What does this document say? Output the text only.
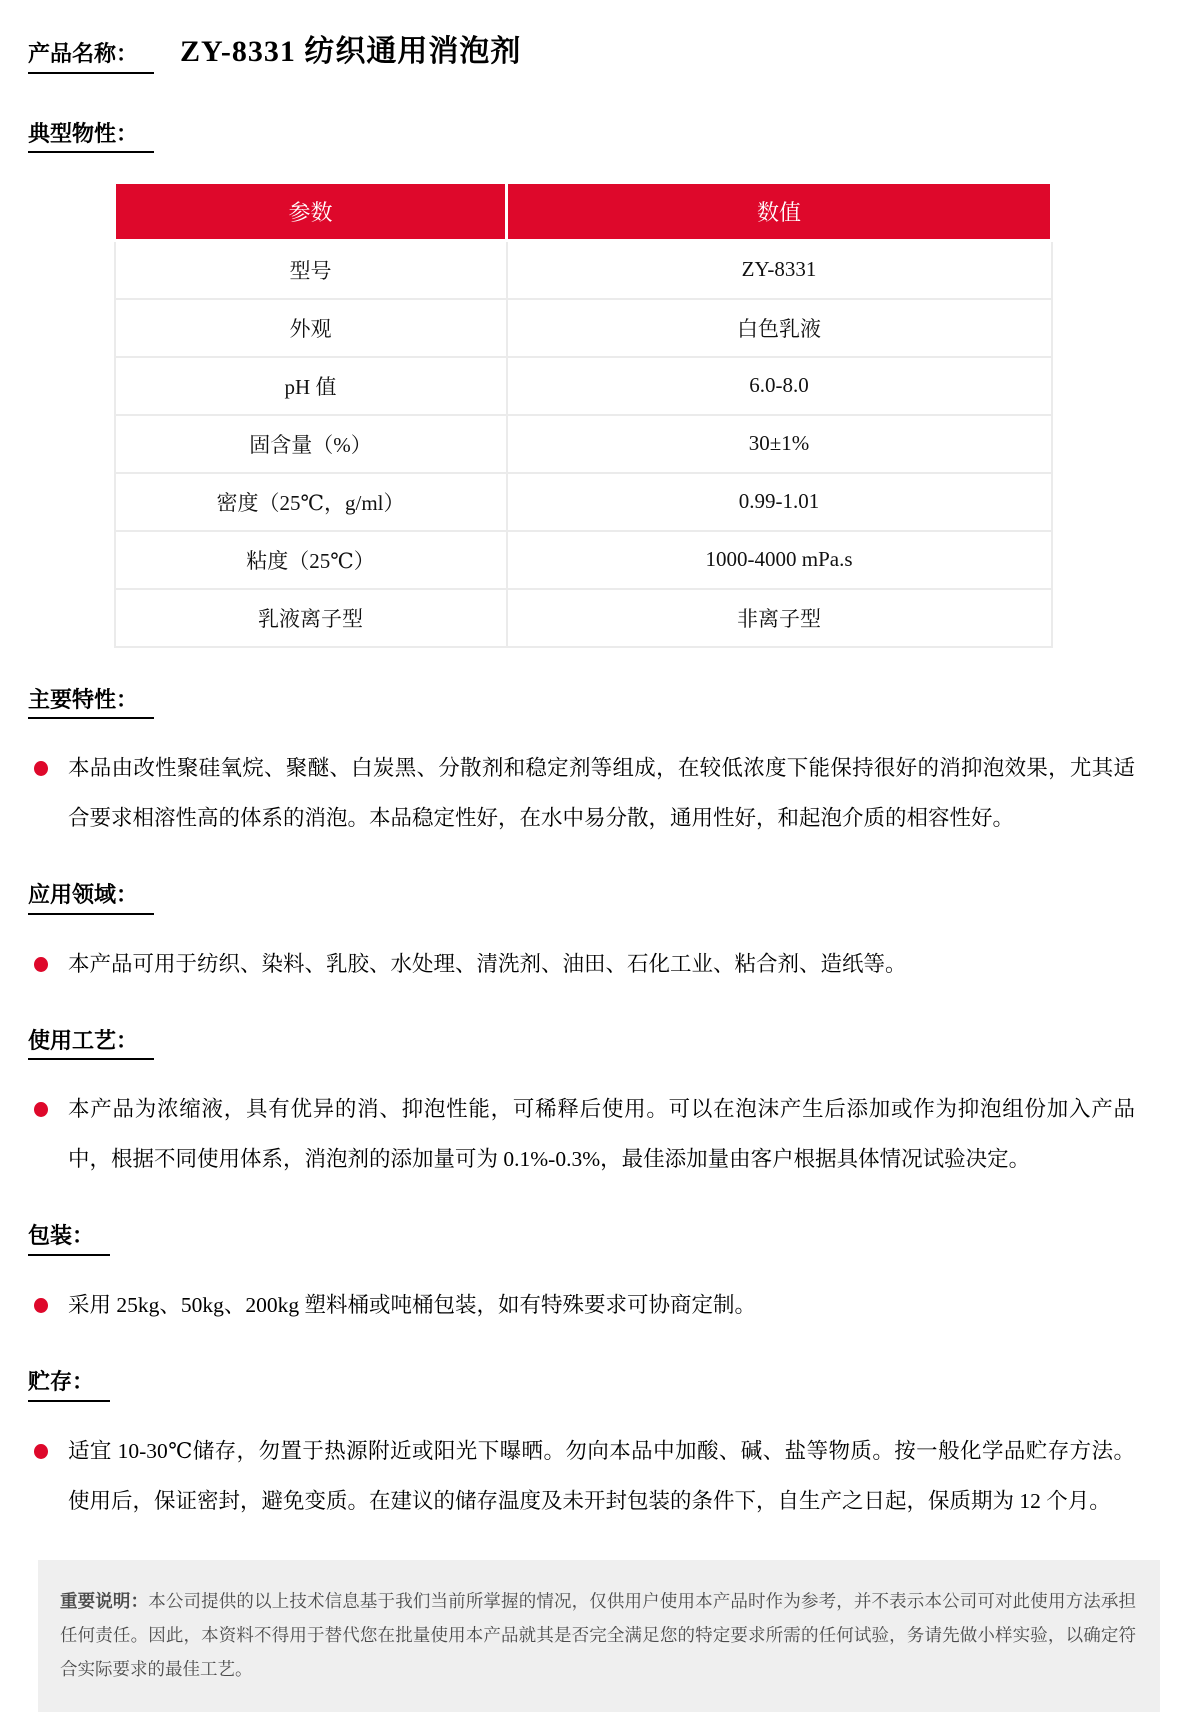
产品名称：	ZY-8331 纺织通用消泡剂
典型物性：
参数	数值
型号	ZY-8331
外观	白色乳液
pH 值	6.0-8.0
固含量（%）	30±1%
密度（25℃，g/ml）	0.99-1.01
粘度（25℃）	1000-4000 mPa.s
乳液离子型	非离子型
主要特性：
本品由改性聚硅氧烷、聚醚、白炭黑、分散剂和稳定剂等组成，在较低浓度下能保持很好的消抑泡效果，尤其适合要求相溶性高的体系的消泡。本品稳定性好，在水中易分散，通用性好，和起泡介质的相容性好。
应用领域：
本产品可用于纺织、染料、乳胶、水处理、清洗剂、油田、石化工业、粘合剂、造纸等。
使用工艺：
本产品为浓缩液，具有优异的消、抑泡性能，可稀释后使用。可以在泡沫产生后添加或作为抑泡组份加入产品中，根据不同使用体系，消泡剂的添加量可为 0.1%-0.3%，最佳添加量由客户根据具体情况试验决定。
包装：
采用 25kg、50kg、200kg 塑料桶或吨桶包装，如有特殊要求可协商定制。
贮存：
适宜 10-30℃储存，勿置于热源附近或阳光下曝晒。勿向本品中加酸、碱、盐等物质。按一般化学品贮存方法。使用后，保证密封，避免变质。在建议的储存温度及未开封包装的条件下，自生产之日起，保质期为 12 个月。
重要说明：本公司提供的以上技术信息基于我们当前所掌握的情况，仅供用户使用本产品时作为参考，并不表示本公司可对此使用方法承担任何责任。因此，本资料不得用于替代您在批量使用本产品就其是否完全满足您的特定要求所需的任何试验，务请先做小样实验，以确定符合实际要求的最佳工艺。
